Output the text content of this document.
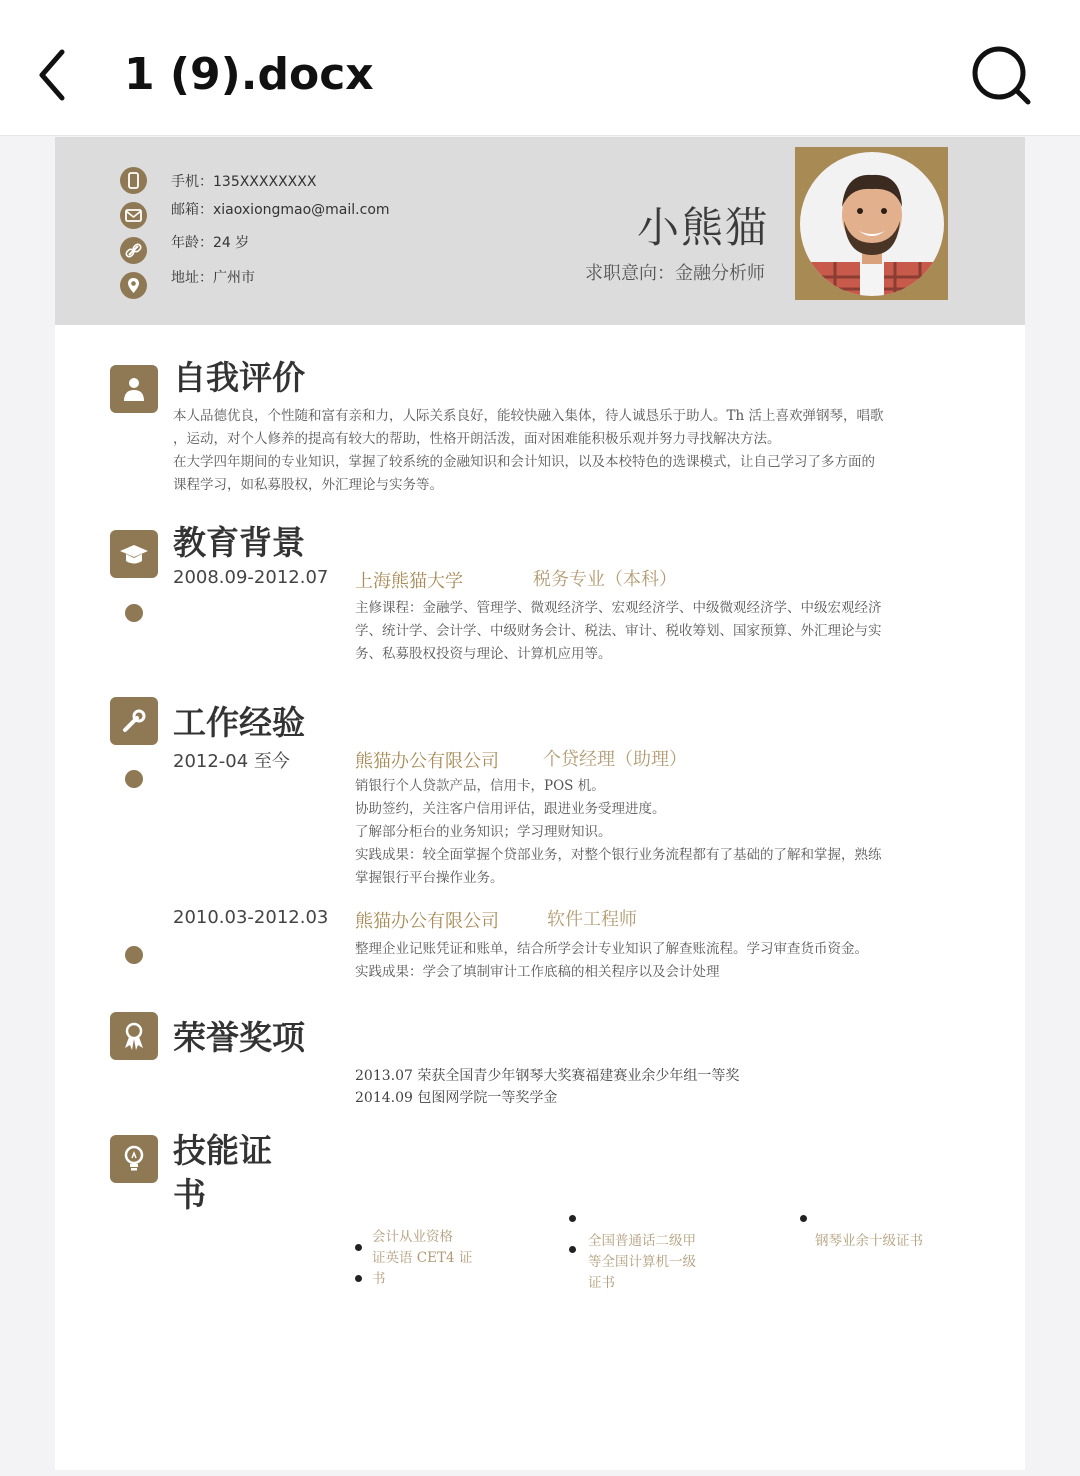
1 (9).docx
手机：135XXXXXXXX
邮箱：xiaoxiongmao@mail.com
年龄：24 岁
地址：广州市
小熊猫
求职意向：金融分析师
自我评价
本人品德优良，个性随和富有亲和力，人际关系良好，能较快融入集体，待人诚恳乐于助人。Th 活上喜欢弹钢琴，唱歌
，运动，对个人修养的提高有较大的帮助，性格开朗活泼，面对困难能积极乐观并努力寻找解决方法。
在大学四年期间的专业知识，掌握了较系统的金融知识和会计知识，以及本校特色的选课模式，让自己学习了多方面的
课程学习，如私募股权，外汇理论与实务等。
教育背景
2008.09-2012.07 上海熊猫大学	税务专业（本科）
主修课程：金融学、管理学、微观经济学、宏观经济学、中级微观经济学、中级宏观经济
学、统计学、会计学、中级财务会计、税法、审计、税收筹划、国家预算、外汇理论与实
务、私募股权投资与理论、计算机应用等。
工作经验
2012-04 至今	熊猫办公有限公司 个贷经理（助理）
销银行个人贷款产品，信用卡，POS 机。
协助签约，关注客户信用评估，跟进业务受理进度。
了解部分柜台的业务知识；学习理财知识。
实践成果：较全面掌握个贷部业务，对整个银行业务流程都有了基础的了解和掌握，熟练
掌握银行平台操作业务。
2010.03-2012.03 熊猫办公有限公司	软件工程师
整理企业记账凭证和账单，结合所学会计专业知识了解查账流程。学习审查货币资金。
实践成果：学会了填制审计工作底稿的相关程序以及会计处理
荣誉奖项
2013.07 荣获全国青少年钢琴大奖赛福建赛业余少年组一等奖
2014.09 包图网学院一等奖学金
技能证
书
会计从业资格
证英语 CET4 证
书
全国普通话二级甲
等全国计算机一级
证书
钢琴业余十级证书
